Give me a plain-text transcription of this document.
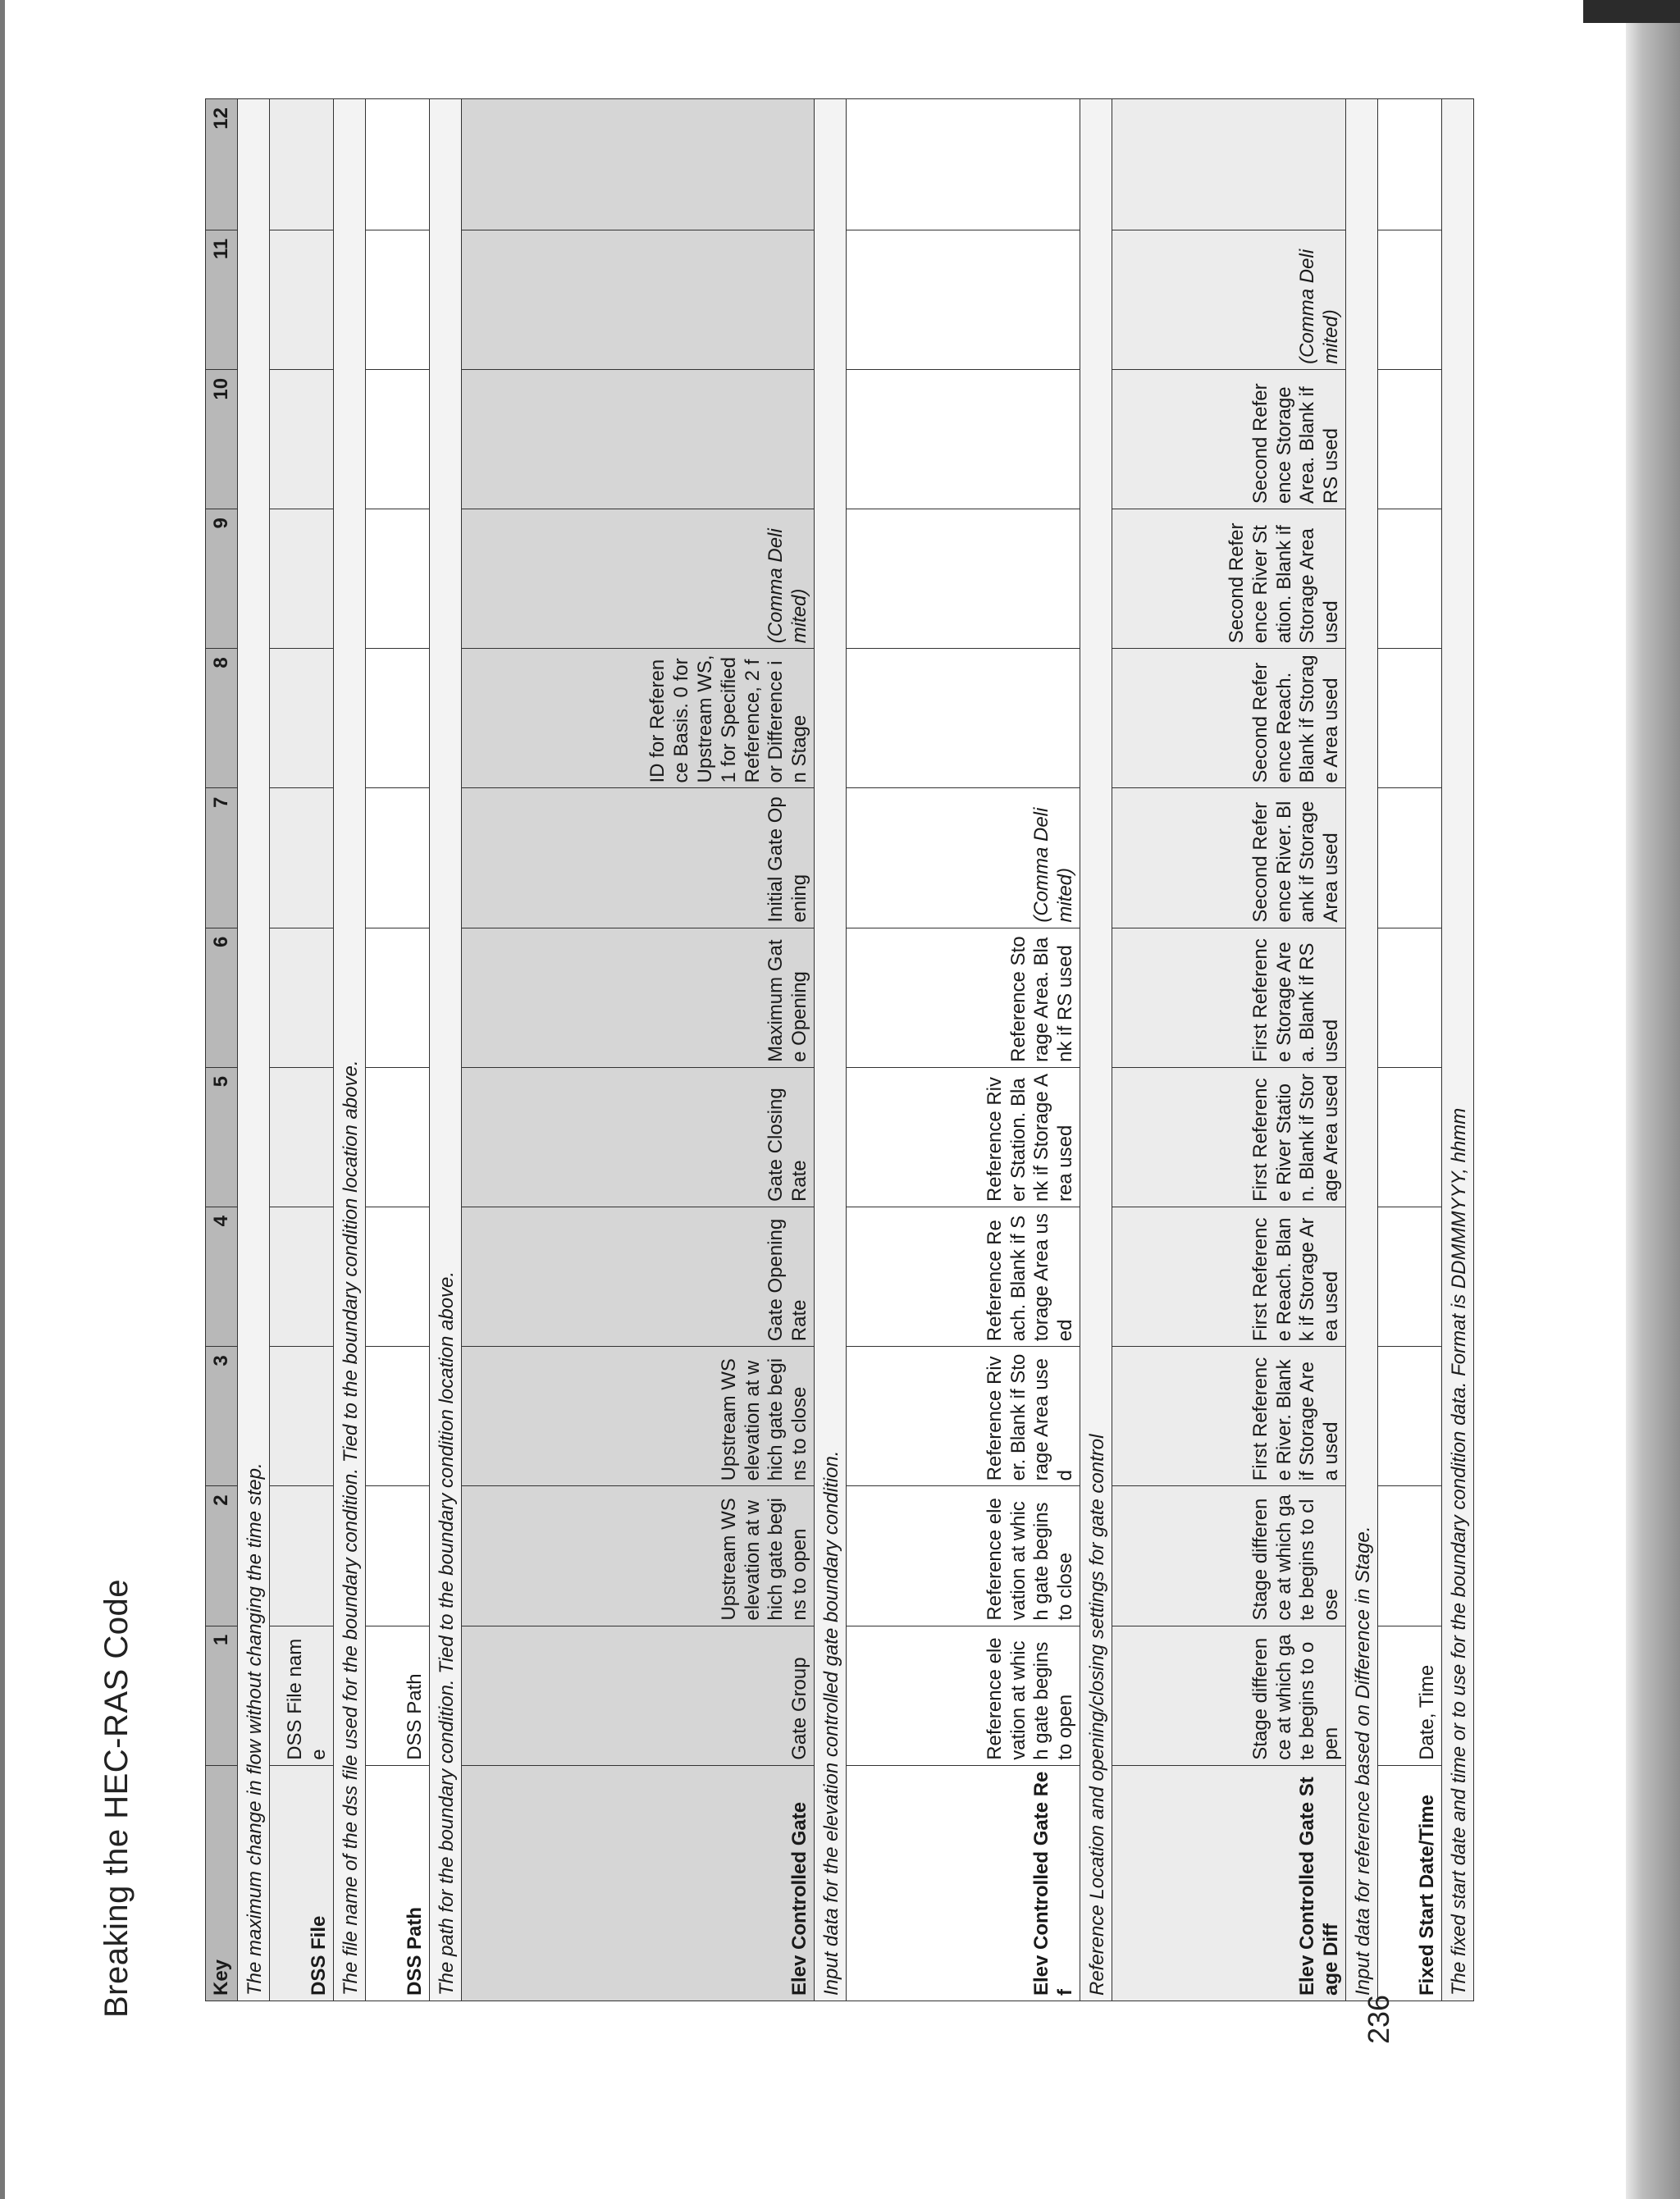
Breaking the HEC-RAS Code	Key	1	2	3	4	5	6	7	8	9	10	11	12
The maximum change in flow without changing the time step.												
DSS File	DSS File name											
The file name of the dss file used for the boundary condition. Tied to the boundary condition location above.												
DSS Path	DSS Path											
The path for the boundary condition. Tied to the boundary condition location above.												
Elev Controlled Gate	Gate Group	Upstream WS elevation at which gate begins to open	Upstream WS elevation at which gate begins to close	Gate Opening Rate	Gate Closing Rate	Maximum Gate Opening	Initial Gate Opening	ID for Reference Basis. 0 for Upstream WS, 1 for Specified Reference, 2 for Difference in Stage	(Comma Delimited)			
Input data for the elevation controlled gate boundary condition.												
Elev Controlled Gate Ref	Reference elevation at which gate begins to open	Reference elevation at which gate begins to close	Reference River. Blank if Storage Area used	Reference Reach. Blank if Storage Area used	Reference River Station. Blank if Storage Area used	Reference Storage Area. Blank if RS used	(Comma Delimited)					
Reference Location and opening/closing settings for gate control												
Elev Controlled Gate Stage Diff	Stage difference at which gate begins to open	Stage difference at which gate begins to close	First Reference River. Blank if Storage Area used	First Reference Reach. Blank if Storage Area used	First Reference River Station. Blank if Storage Area used	First Reference Storage Area. Blank if RS used	Second Reference River. Blank if Storage Area used	Second Reference Reach. Blank if Storage Area used	Second Reference River Station. Blank if Storage Area used	Second Reference Storage Area. Blank if RS used	(Comma Delimited)	
Input data for reference based on Difference in Stage.												
Fixed Start Date/Time	Date, Time											
The fixed start date and time or to use for the boundary condition data. Format is DDMMMYYY, hhmm												
236
